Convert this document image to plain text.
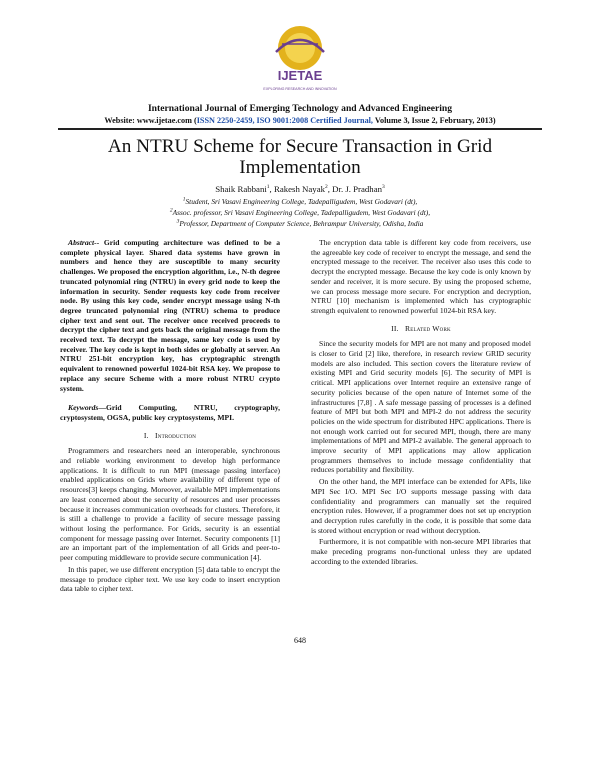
IJETAE
EXPLORING RESEARCH AND INNOVATION
International Journal of Emerging Technology and Advanced Engineering
Website: www.ijetae.com (ISSN 2250-2459, ISO 9001:2008 Certified Journal, Volume 3, Issue 2, February, 2013)
An NTRU Scheme for Secure Transaction in Grid
Implementation
Shaik Rabbani$^1$, Rakesh Nayak$^2$, Dr. J. Pradhan$^3$
$^1$Student, Sri Vasavi Engineering College, Tadepalligudem, West Godavari (dt),
$^2$Assoc. professor, Sri Vasavi Engineering College, Tadepalligudem, West Godavari (dt),
$^3$Professor, Department of Computer Science, Behrampur University, Odisha, India

Abstract-- Grid computing architecture was defined to be a complete physical layer. Shared data systems have grown in numbers and hence they are susceptible to many security challenges. We proposed the encryption algorithm, i.e., N-th degree truncated polynomial ring (NTRU) in every grid node to keep the information in security. Sender requests key code from receiver node. By using this key code, sender encrypt message using N-th degree truncated polynomial ring (NTRU) schema to produce cipher text and sent out. The receiver once received proceeds to decrypt the cipher text and gets back the original message from the received text. To decrypt the message, same key code is used by receiver. The key code is kept in both sides or globally at server. An NTRU 251-bit encryption key, has cryptographic strength equivalent to renowned powerful 1024-bit RSA key. We propose to replace any secure Scheme with a more robust NTRU crypto system.

Keywords—Grid Computing, NTRU, cryptography, cryptosystem, OGSA, public key cryptosystems, MPI.

I. Introduction

Programmers and researchers need an interoperable, synchronous and reliable working environment to develop high performance applications. It is difficult to run MPI (message passing interface) enabled applications on Grids where availability of different type of resources[3] keeps changing. Moreover, available MPI implementations are least concerned about the security of resources and user processes because it increases communication overheads for clusters. Therefore, it is still a challenge to provide a facility of secure message passing without losing the performance. For Grids, security is an essential component for message passing over Internet. Security components [1] are an important part of the implementation of all Grids and peer-to-peer computing middleware to provide secure communication [4].

In this paper, we use different encryption [5] data table to encrypt the message to produce cipher text. We use key code to insert encryption data table to cipher text.

The encryption data table is different key code from receivers, use the agreeable key code of receiver to encrypt the message, and send the encrypted message to the receiver. The receiver also uses this code to decrypt the encrypted message. Because the key code is only known by sender and receiver, it is more secure. By using the proposed scheme, we can process message more secure. For encryption and decryption, NTRU [10] mechanism is implemented which has cryptographic strength equivalent to renowned powerful 1024-bit RSA key.

II. Related Work

Since the security models for MPI are not many and proposed model is closer to Grid [2] like, therefore, in research review GRID security models are also included. This section covers the literature review of existing MPI and Grid security models [6]. The security of MPI is critical. MPI applications over Internet require an extensive range of security policies because of the open nature of Internet some of the infrastructures [7,8] . A safe message passing of processes is a defined feature of MPI but both MPI and MPI-2 do not address the security policies on the wide spectrum for distributed HPC applications. There is not enough work carried out for secured MPI, though, there are many implementations of MPI and MPI-2 available. The general approach to improve security of MPI applications may allow application programmers themselves to include message confidentiality that reduces portability and flexibility.

On the other hand, the MPI interface can be extended for APIs, like MPI Sec I/O. MPI Sec I/O supports message passing with data confidentiality and programmers can manually set the required encryption rules. However, if a programmer does not set up encryption and decryption rules carefully in the code, it is possible that some data is stored without encryption or read without decryption.

Furthermore, it is not compatible with non-secure MPI libraries that make preceding programs non-functional unless they are updated according to the extended libraries.

648
